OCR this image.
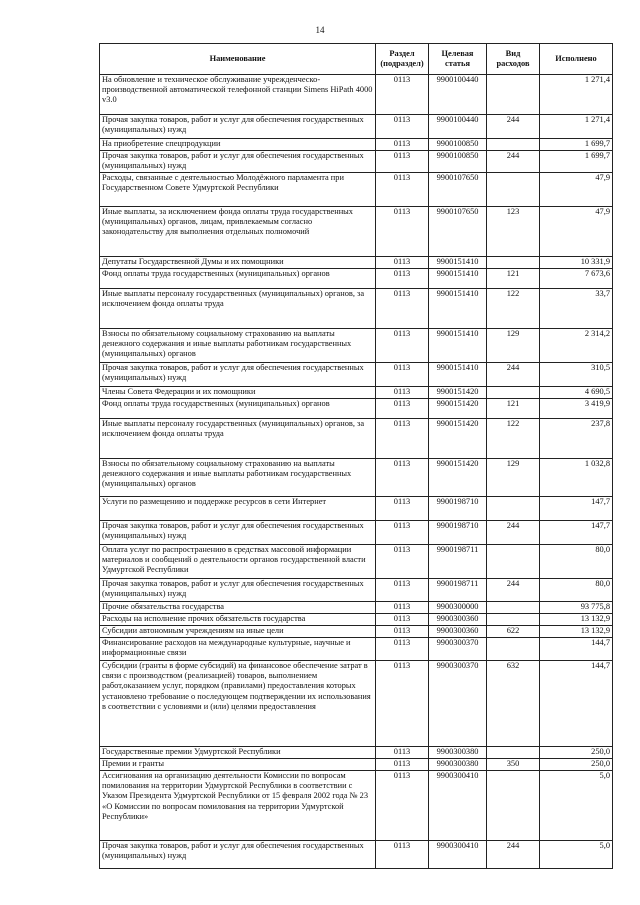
14
Наименование	Раздел (подраздел)	Целевая статья	Вид расходов	Исполнено
На обновление и техническое обслуживание учрежденческо-производственной автоматической телефонной станции Simens HiPath 4000 v3.0	0113	9900100440		1 271,4
Прочая закупка товаров, работ и услуг для обеспечения государственных (муниципальных) нужд	0113	9900100440	244	1 271,4
На приобретение спецпродукции	0113	9900100850		1 699,7
Прочая закупка товаров, работ и услуг для обеспечения государственных (муниципальных) нужд	0113	9900100850	244	1 699,7
Расходы, связанные с деятельностью Молодёжного парламента при Государственном Совете Удмуртской Республики	0113	9900107650		47,9
Иные выплаты, за исключением фонда оплаты труда государственных (муниципальных) органов, лицам, привлекаемым согласно законодательству для выполнения отдельных полномочий	0113	9900107650	123	47,9
Депутаты Государственной Думы и их помощники	0113	9900151410		10 331,9
Фонд оплаты труда государственных (муниципальных) органов	0113	9900151410	121	7 673,6
Иные выплаты персоналу государственных (муниципальных) органов, за исключением фонда оплаты труда	0113	9900151410	122	33,7
Взносы по обязательному социальному страхованию на выплаты денежного содержания и иные выплаты работникам государственных (муниципальных) органов	0113	9900151410	129	2 314,2
Прочая закупка товаров, работ и услуг для обеспечения государственных (муниципальных) нужд	0113	9900151410	244	310,5
Члены Совета Федерации и их помощники	0113	9900151420		4 690,5
Фонд оплаты труда государственных (муниципальных) органов	0113	9900151420	121	3 419,9
Иные выплаты персоналу государственных (муниципальных) органов, за исключением фонда оплаты труда	0113	9900151420	122	237,8
Взносы по обязательному социальному страхованию на выплаты денежного содержания и иные выплаты работникам государственных (муниципальных) органов	0113	9900151420	129	1 032,8
Услуги по размещению и поддержке ресурсов в сети Интернет	0113	9900198710		147,7
Прочая закупка товаров, работ и услуг для обеспечения государственных (муниципальных) нужд	0113	9900198710	244	147,7
Оплата услуг по распространению в средствах массовой информации материалов и сообщений о деятельности органов государственной власти Удмуртской Республики	0113	9900198711		80,0
Прочая закупка товаров, работ и услуг для обеспечения государственных (муниципальных) нужд	0113	9900198711	244	80,0
Прочие обязательства государства	0113	9900300000		93 775,8
Расходы на исполнение прочих обязательств государства	0113	9900300360		13 132,9
Субсидии автономным учреждениям на иные цели	0113	9900300360	622	13 132,9
Финансирование расходов на международные культурные, научные и информационные связи	0113	9900300370		144,7
Субсидии (гранты в форме субсидий) на финансовое обеспечение затрат в связи с производством (реализацией) товаров, выполнением работ,оказанием услуг, порядком (правилами) предоставления которых установлено требование о последующем подтверждении их использования в соответствии с условиями и (или) целями предоставления	0113	9900300370	632	144,7
Государственные премии Удмуртской Республики	0113	9900300380		250,0
Премии и гранты	0113	9900300380	350	250,0
Ассигнования на организацию деятельности Комиссии по вопросам помилования на территории Удмуртской Республики в соответствии с Указом Президента Удмуртской Республики от 15 февраля 2002 года № 23 «О Комиссии по вопросам помилования на территории Удмуртской Республики»	0113	9900300410		5,0
Прочая закупка товаров, работ и услуг для обеспечения государственных (муниципальных) нужд	0113	9900300410	244	5,0
